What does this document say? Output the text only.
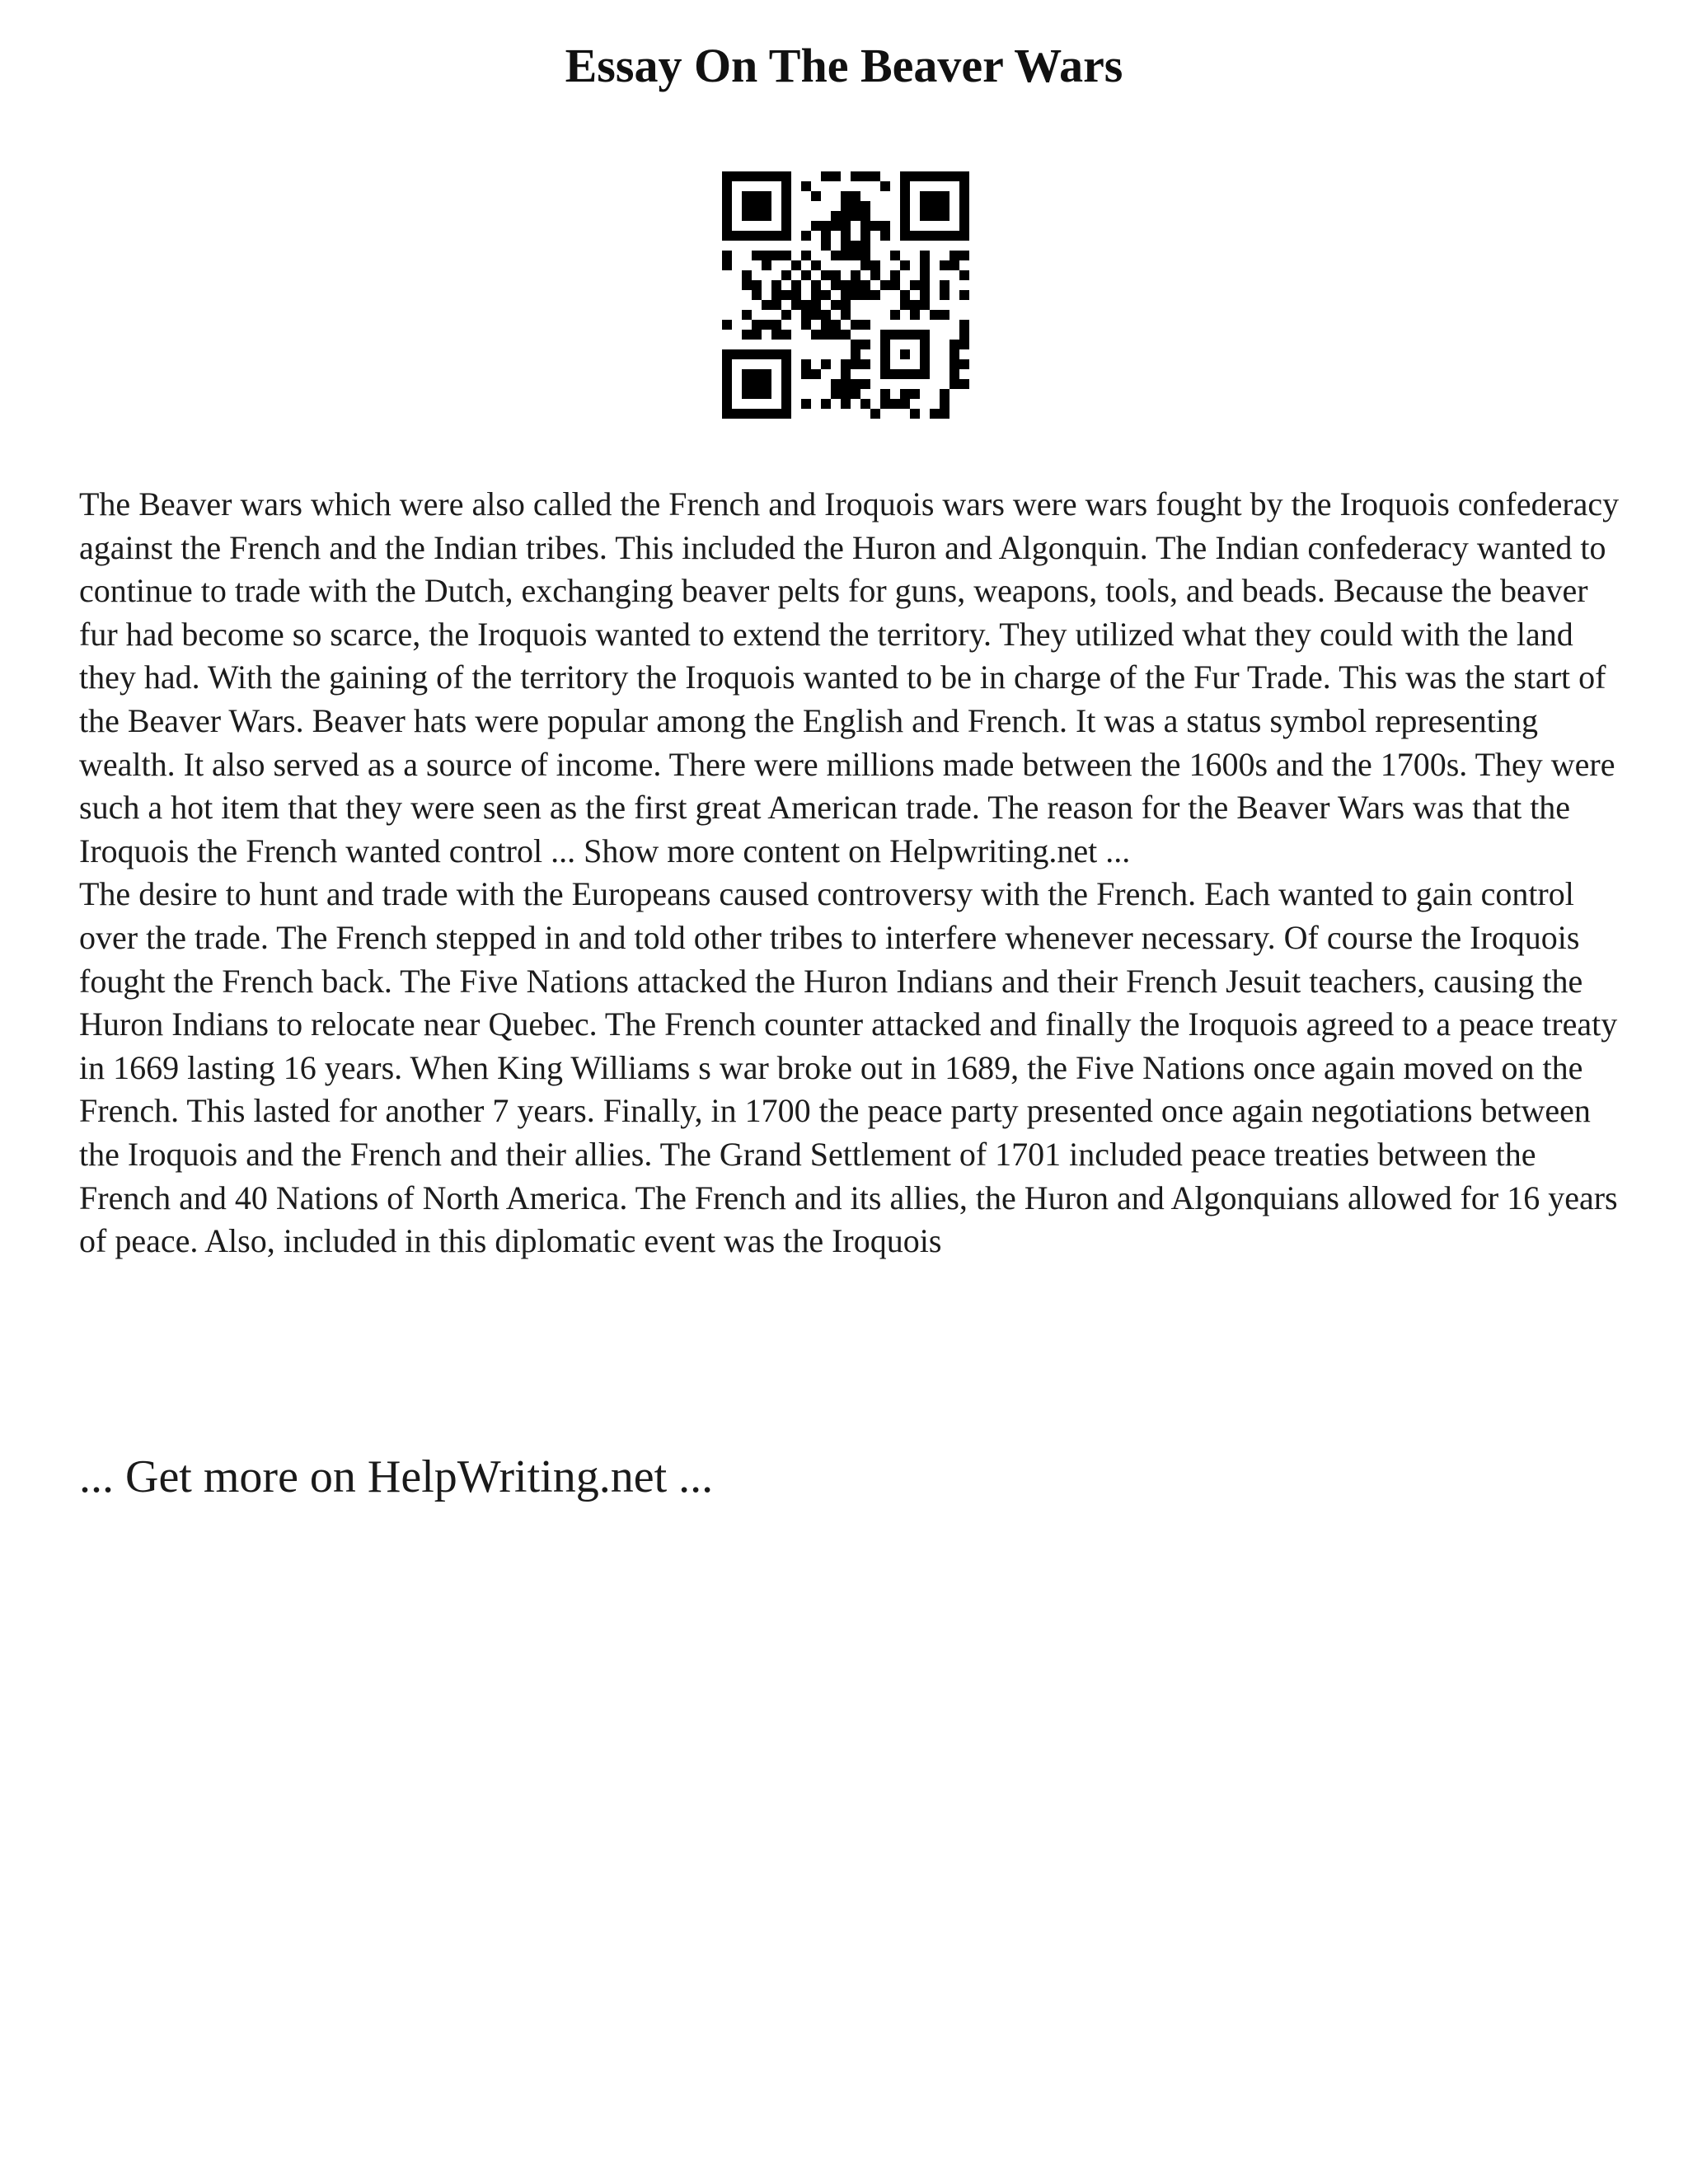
Essay On The Beaver Wars

The Beaver wars which were also called the French and Iroquois wars were wars fought by the Iroquois confederacy against the French and the Indian tribes. This included the Huron and Algonquin. The Indian confederacy wanted to continue to trade with the Dutch, exchanging beaver pelts for guns, weapons, tools, and beads. Because the beaver fur had become so scarce, the Iroquois wanted to extend the territory. They utilized what they could with the land they had. With the gaining of the territory the Iroquois wanted to be in charge of the Fur Trade. This was the start of the Beaver Wars. Beaver hats were popular among the English and French. It was a status symbol representing wealth. It also served as a source of income. There were millions made between the 1600s and the 1700s. They were such a hot item that they were seen as the first great American trade. The reason for the Beaver Wars was that the Iroquois the French wanted control ... Show more content on Helpwriting.net ...

The desire to hunt and trade with the Europeans caused controversy with the French. Each wanted to gain control over the trade. The French stepped in and told other tribes to interfere whenever necessary. Of course the Iroquois fought the French back. The Five Nations attacked the Huron Indians and their French Jesuit teachers, causing the Huron Indians to relocate near Quebec. The French counter attacked and finally the Iroquois agreed to a peace treaty in 1669 lasting 16 years. When King Williams s war broke out in 1689, the Five Nations once again moved on the French. This lasted for another 7 years. Finally, in 1700 the peace party presented once again negotiations between the Iroquois and the French and their allies. The Grand Settlement of 1701 included peace treaties between the French and 40 Nations of North America. The French and its allies, the Huron and Algonquians allowed for 16 years of peace. Also, included in this diplomatic event was the Iroquois

... Get more on HelpWriting.net ...
